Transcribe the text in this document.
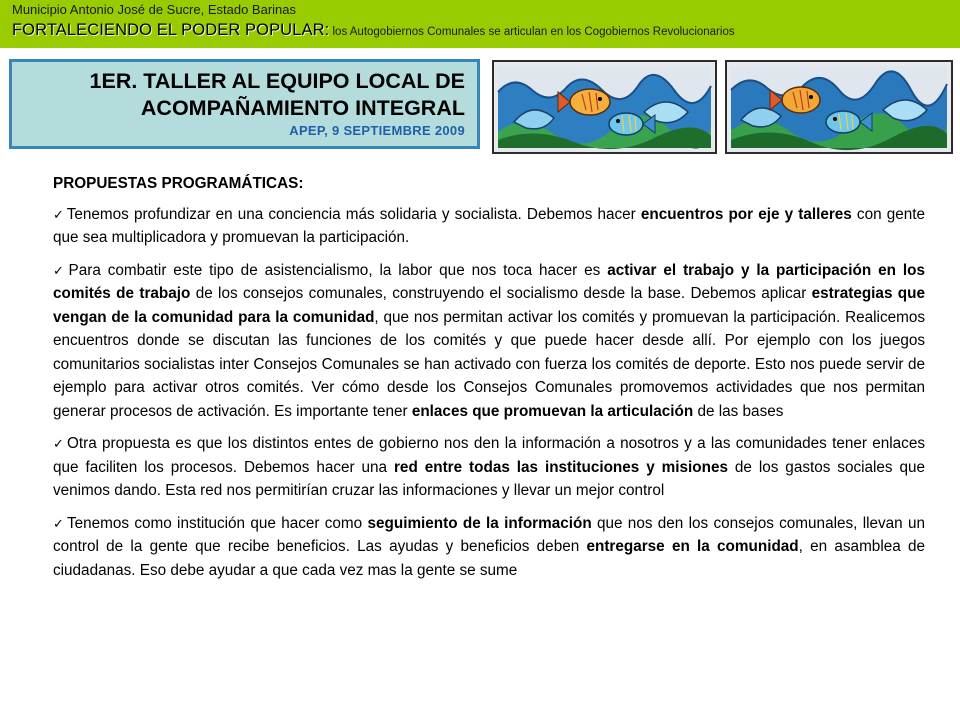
Municipio Antonio José de Sucre, Estado Barinas
FORTALECIENDO EL PODER POPULAR: los Autogobiernos Comunales se articulan en los Cogobiernos Revolucionarios
1ER. TALLER AL EQUIPO LOCAL DE
ACOMPAÑAMIENTO INTEGRAL
APEP, 9 SEPTIEMBRE 2009
PROPUESTAS PROGRAMÁTICAS:
✓ Tenemos profundizar en una conciencia más solidaria y socialista. Debemos hacer encuentros por eje y talleres con gente que sea multiplicadora y promuevan la participación.
✓ Para combatir este tipo de asistencialismo, la labor que nos toca hacer es activar el trabajo y la participación en los comités de trabajo de los consejos comunales, construyendo el socialismo desde la base. Debemos aplicar estrategias que vengan de la comunidad para la comunidad, que nos permitan activar los comités y promuevan la participación. Realicemos encuentros donde se discutan las funciones de los comités y que puede hacer desde allí. Por ejemplo con los juegos comunitarios socialistas inter Consejos Comunales se han activado con fuerza los comités de deporte. Esto nos puede servir de ejemplo para activar otros comités. Ver cómo desde los Consejos Comunales promovemos actividades que nos permitan generar procesos de activación. Es importante tener enlaces que promuevan la articulación de las bases
✓ Otra propuesta es que los distintos entes de gobierno nos den la información a nosotros y a las comunidades tener enlaces que faciliten los procesos. Debemos hacer una red entre todas las instituciones y misiones de los gastos sociales que venimos dando. Esta red nos permitirían cruzar las informaciones y llevar un mejor control
✓ Tenemos como institución que hacer como seguimiento de la información que nos den los consejos comunales, llevan un control de la gente que recibe beneficios. Las ayudas y beneficios deben entregarse en la comunidad, en asamblea de ciudadanas. Eso debe ayudar a que cada vez mas la gente se sume
